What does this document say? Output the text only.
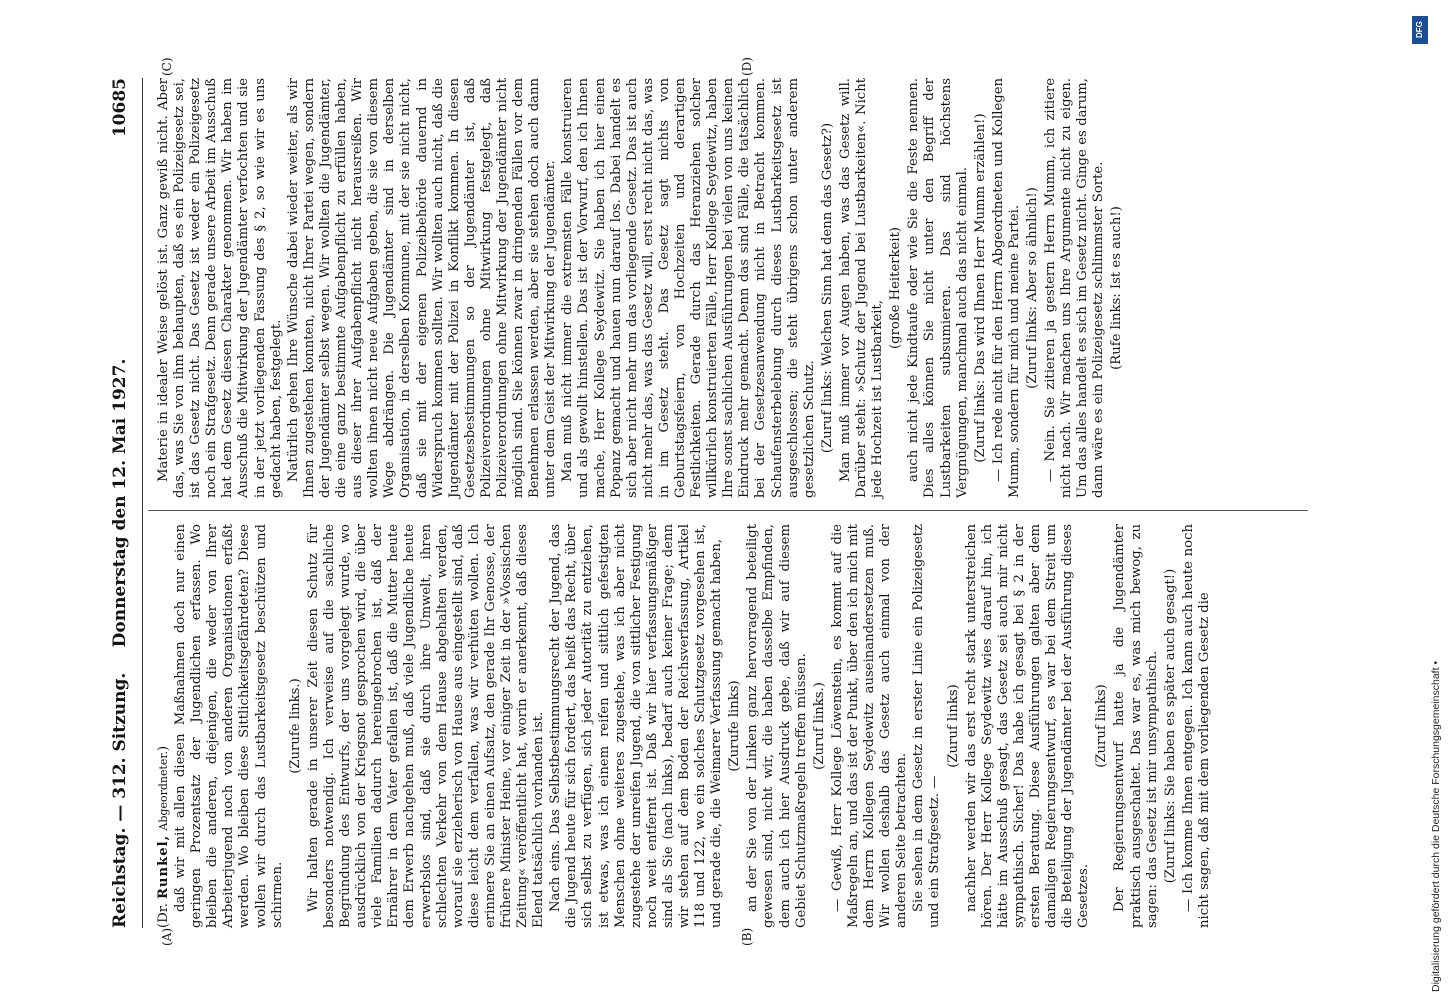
Reichstag. — 312. Sitzung.
Donnerstag den 12. Mai 1927.
10685

(Dr. Runkel, Abgeordneter.) daß wir mit allen diesen Maßnahmen doch nur einen geringen Prozentsatz der Jugendlichen erfassen. Wo bleiben die anderen, diejenigen, die weder von Ihrer Arbeiterjugend noch von anderen Organisationen erfaßt werden. Wo bleiben diese Sittlichkeitsgefährdeten? Diese wollen wir durch das Lustbarkeitsgesetz beschützen und schirmen.

(Zurufe links.) Wir halten gerade in unserer Zeit diesen Schutz für besonders notwendig. Ich verweise auf die sachliche Begründung des Entwurfs, der uns vorgelegt wurde, wo ausdrücklich von der Kriegsnot gesprochen wird, die über viele Familien dadurch hereingebrochen ist, daß der Ernährer in dem Vater gefallen ist, daß die Mutter heute dem Erwerb nachgehen muß, daß viele Jugendliche heute erwerbslos sind, daß sie durch ihre Umwelt, ihren schlechten Verkehr von dem Hause abgehalten werden, worauf sie erzieherisch von Hause aus eingestellt sind, daß diese leicht dem verfallen, was wir verhüten wollen. Ich erinnere Sie an einen Aufsatz, den gerade Ihr Genosse, der frühere Minister Heine, vor einiger Zeit in der »Vossischen Zeitung« veröffentlicht hat, worin er anerkennt, daß dieses Elend tatsächlich vorhanden ist. Nach eins. Das Selbstbestimmungsrecht der Jugend, das die Jugend heute für sich fordert, das heißt das Recht, über sich selbst zu verfügen, sich jeder Autorität zu entziehen, ist etwas, was ich einem reifen und sittlich gefestigten Menschen ohne weiteres zugestehe, was ich aber nicht zugestehe der unreifen Jugend, die von sittlicher Festigung noch weit entfernt ist. Daß wir hier verfassungsmäßiger sind als Sie (nach links), bedarf auch keiner Frage; denn wir stehen auf dem Boden der Reichsverfassung, Artikel 118 und 122, wo ein solches Schutzgesetz vorgesehen ist, und gerade die, die Weimarer Verfassung gemacht haben, (Zurufe links) an der Sie von der Linken ganz hervorragend beteiligt gewesen sind, nicht wir, die haben dasselbe Empfinden, dem auch ich hier Ausdruck gebe, daß wir auf diesem Gebiet Schutzmaßregeln treffen müssen. (Zuruf links.) — Gewiß, Herr Kollege Löwenstein, es kommt auf die Maßregeln an, und das ist der Punkt, über den ich mich mit dem Herrn Kollegen Seydewitz auseinandersetzen muß. Wir wollen deshalb das Gesetz auch einmal von der anderen Seite betrachten. Sie sehen in dem Gesetz in erster Linie ein Polizeigesetz und ein Strafgesetz. —

(Zuruf links) nachher werden wir das erst recht stark unterstreichen hören. Der Herr Kollege Seydewitz wies darauf hin, ich hätte im Ausschuß gesagt, das Gesetz sei auch mir nicht sympathisch. Sicher! Das habe ich gesagt bei § 2 in der ersten Beratung. Diese Ausführungen galten aber dem damaligen Regierungsentwurf, es war bei dem Streit um die Beteiligung der Jugendämter bei der Ausführung dieses Gesetzes.

(Zuruf links) Der Regierungsentwurf hatte ja die Jugendämter praktisch ausgeschaltet. Das war es, was mich bewog, zu sagen: das Gesetz ist mir unsympathisch. (Zuruf links: Sie haben es später auch gesagt!) — Ich komme Ihnen entgegen. Ich kann auch heute noch nicht sagen, daß mit dem vorliegenden Gesetz die

Materie in idealer Weise gelöst ist. Ganz gewiß nicht. Aber das, was Sie von ihm behaupten, daß es ein Polizeigesetz sei, ist das Gesetz nicht. Das Gesetz ist weder ein Polizeigesetz noch ein Strafgesetz. Denn gerade unsere Arbeit im Ausschuß hat dem Gesetz diesen Charakter genommen. Wir haben im Ausschuß die Mitwirkung der Jugendämter verfochten und sie in der jetzt vorliegenden Fassung des § 2, so wie wir es uns gedacht haben, festgelegt. Natürlich gehen Ihre Wünsche dabei wieder weiter, als wir Ihnen zugestehen konnten, nicht Ihrer Partei wegen, sondern der Jugendämter selbst wegen. Wir wollten die Jugendämter, die eine ganz bestimmte Aufgabenpflicht zu erfüllen haben, aus dieser ihrer Aufgabenpflicht nicht herausreißen. Wir wollten ihnen nicht neue Aufgaben geben, die sie von diesem Wege abdrängen. Die Jugendämter sind in derselben Organisation, in derselben Kommune, mit der sie nicht nicht, daß sie mit der eigenen Polizeibehörde dauernd in Widerspruch kommen sollten. Wir wollten auch nicht, daß die Jugendämter mit der Polizei in Konflikt kommen. In diesen Gesetzesbestimmungen so der Jugendämter ist, daß Polizeiverordnungen ohne Mitwirkung festgelegt, daß Polizeiverordnungen ohne Mitwirkung der Jugendämter nicht möglich sind. Sie können zwar in dringenden Fällen vor dem Benehmen erlassen werden, aber sie stehen doch auch dann unter dem Geist der Mitwirkung der Jugendämter. Man muß nicht immer die extremsten Fälle konstruieren und als gewollt hinstellen. Das ist der Vorwurf, den ich Ihnen mache, Herr Kollege Seydewitz. Sie haben ich hier einen Popanz gemacht und hauen nun darauf los. Dabei handelt es sich aber nicht mehr um das vorliegende Gesetz. Das ist auch nicht mehr das, was das Gesetz will, erst recht nicht das, was in im Gesetz steht. Das Gesetz sagt nichts von Geburtstagsfeiern, von Hochzeiten und derartigen Festlichkeiten. Gerade durch das Heranziehen solcher willkürlich konstruierten Fälle, Herr Kollege Seydewitz, haben Ihre sonst sachlichen Ausführungen bei vielen von uns keinen Eindruck mehr gemacht. Denn das sind Fälle, die tatsächlich bei der Gesetzesanwendung nicht in Betracht kommen. Schaufensterbelebung durch dieses Lustbarkeitsgesetz ist ausgeschlossen; die steht übrigens schon unter anderem gesetzlichen Schutz. (Zuruf links: Welchen Sinn hat denn das Gesetz?) Man muß immer vor Augen haben, was das Gesetz will. Darüber steht: »Schutz der Jugend bei Lustbarkeiten«. Nicht jede Hochzeit ist Lustbarkeit,

(große Heiterkeit) auch nicht jede Kindtaufe oder wie Sie die Feste nennen. Dies alles können Sie nicht unter den Begriff der Lustbarkeiten subsumieren. Das sind höchstens Vergnügungen, manchmal auch das nicht einmal. (Zuruf links: Das wird Ihnen Herr Mumm erzählen!) — Ich rede nicht für den Herrn Abgeordneten und Kollegen Mumm, sondern für mich und meine Partei. (Zuruf links: Aber so ähnlich!) — Nein. Sie zitieren ja gestern Herrn Mumm, ich zitiere nicht nach. Wir machen uns Ihre Argumente nicht zu eigen. Um das alles handelt es sich im Gesetz nicht. Ginge es darum, dann wäre es ein Polizeigesetz schlimmster Sorte. (Rufe links: Ist es auch!)

(A)	(B)
(C)	(D)
Digitalisierung gefördert durch die Deutsche Forschungsgemeinschaft •
DFG
